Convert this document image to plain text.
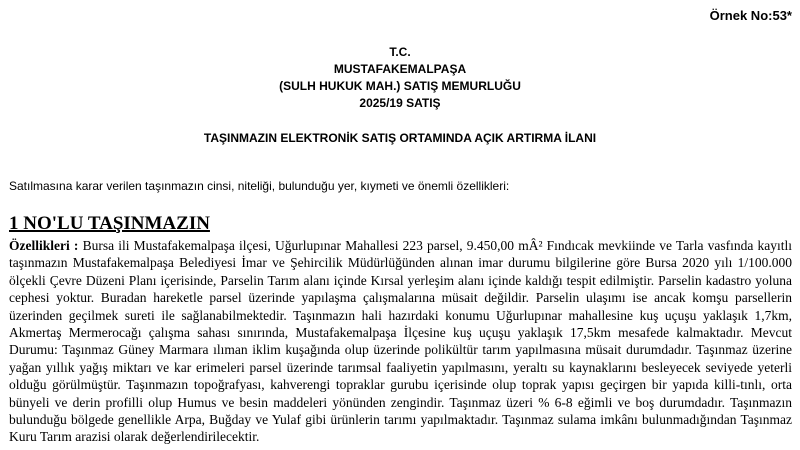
Örnek No:53*
T.C.
MUSTAFAKEMALPAŞA
(SULH HUKUK MAH.) SATIŞ MEMURLUĞU
2025/19 SATIŞ
TAŞINMAZIN ELEKTRONİK SATIŞ ORTAMINDA AÇIK ARTIRMA İLANI
Satılmasına karar verilen taşınmazın cinsi, niteliği, bulunduğu yer, kıymeti ve önemli özellikleri:
1 NO'LU TAŞINMAZIN

Özellikleri : Bursa ili Mustafakemalpaşa ilçesi, Uğurlupınar Mahallesi 223 parsel, 9.450,00 mÂ² Fındıcak mevkiinde ve Tarla vasfında kayıtlı taşınmazın Mustafakemalpaşa Belediyesi İmar ve Şehircilik Müdürlüğünden alınan imar durumu bilgilerine göre Bursa 2020 yılı 1/100.000 ölçekli Çevre Düzeni Planı içerisinde, Parselin Tarım alanı içinde Kırsal yerleşim alanı içinde kaldığı tespit edilmiştir. Parselin kadastro yoluna cephesi yoktur. Buradan hareketle parsel üzerinde yapılaşma çalışmalarına müsait değildir. Parselin ulaşımı ise ancak komşu parsellerin üzerinden geçilmek sureti ile sağlanabilmektedir. Taşınmazın hali hazırdaki konumu Uğurlupınar mahallesine kuş uçuşu yaklaşık 1,7km, Akmertaş Mermerocağı çalışma sahası sınırında, Mustafakemalpaşa İlçesine kuş uçuşu yaklaşık 17,5km mesafede kalmaktadır. Mevcut Durumu: Taşınmaz Güney Marmara ılıman iklim kuşağında olup üzerinde polikültür tarım yapılmasına müsait durumdadır. Taşınmaz üzerine yağan yıllık yağış miktarı ve kar erimeleri parsel üzerinde tarımsal faaliyetin yapılmasını, yeraltı su kaynaklarını besleyecek seviyede yeterli olduğu görülmüştür. Taşınmazın topoğrafyası, kahverengi topraklar gurubu içerisinde olup toprak yapısı geçirgen bir yapıda killi-tınlı, orta bünyeli ve derin profilli olup Humus ve besin maddeleri yönünden zengindir. Taşınmaz üzeri % 6-8 eğimli ve boş durumdadır. Taşınmazın bulunduğu bölgede genellikle Arpa, Buğday ve Yulaf gibi ürünlerin tarımı yapılmaktadır. Taşınmaz sulama imkânı bulunmadığından Taşınmaz Kuru Tarım arazisi olarak değerlendirilecektir.
